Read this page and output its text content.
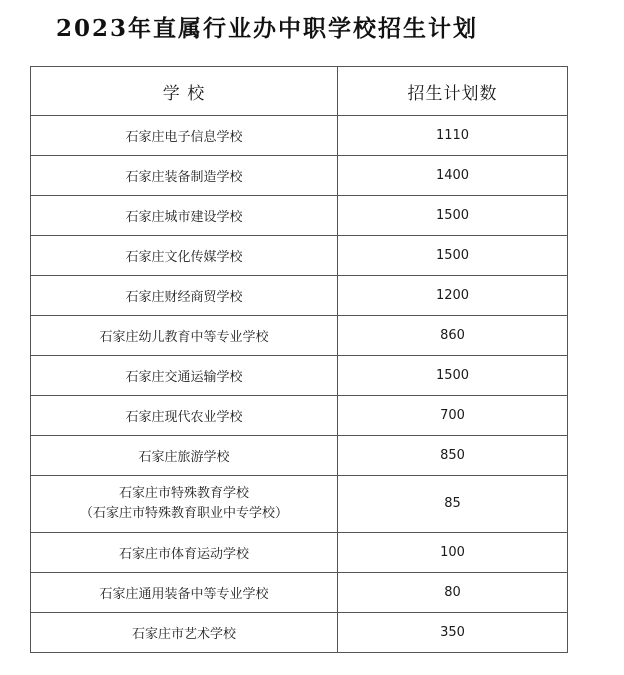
2023年直属行业办中职学校招生计划
学 校	招生计划数

石家庄电子信息学校	1110

石家庄装备制造学校	1400

石家庄城市建设学校	1500

石家庄文化传媒学校	1500

石家庄财经商贸学校	1200

石家庄幼儿教育中等专业学校	860

石家庄交通运输学校	1500

石家庄现代农业学校	700

石家庄旅游学校	850

石家庄市特殊教育学校
（石家庄市特殊教育职业中专学校）	85

石家庄市体育运动学校	100

石家庄通用装备中等专业学校	80

石家庄市艺术学校	350
